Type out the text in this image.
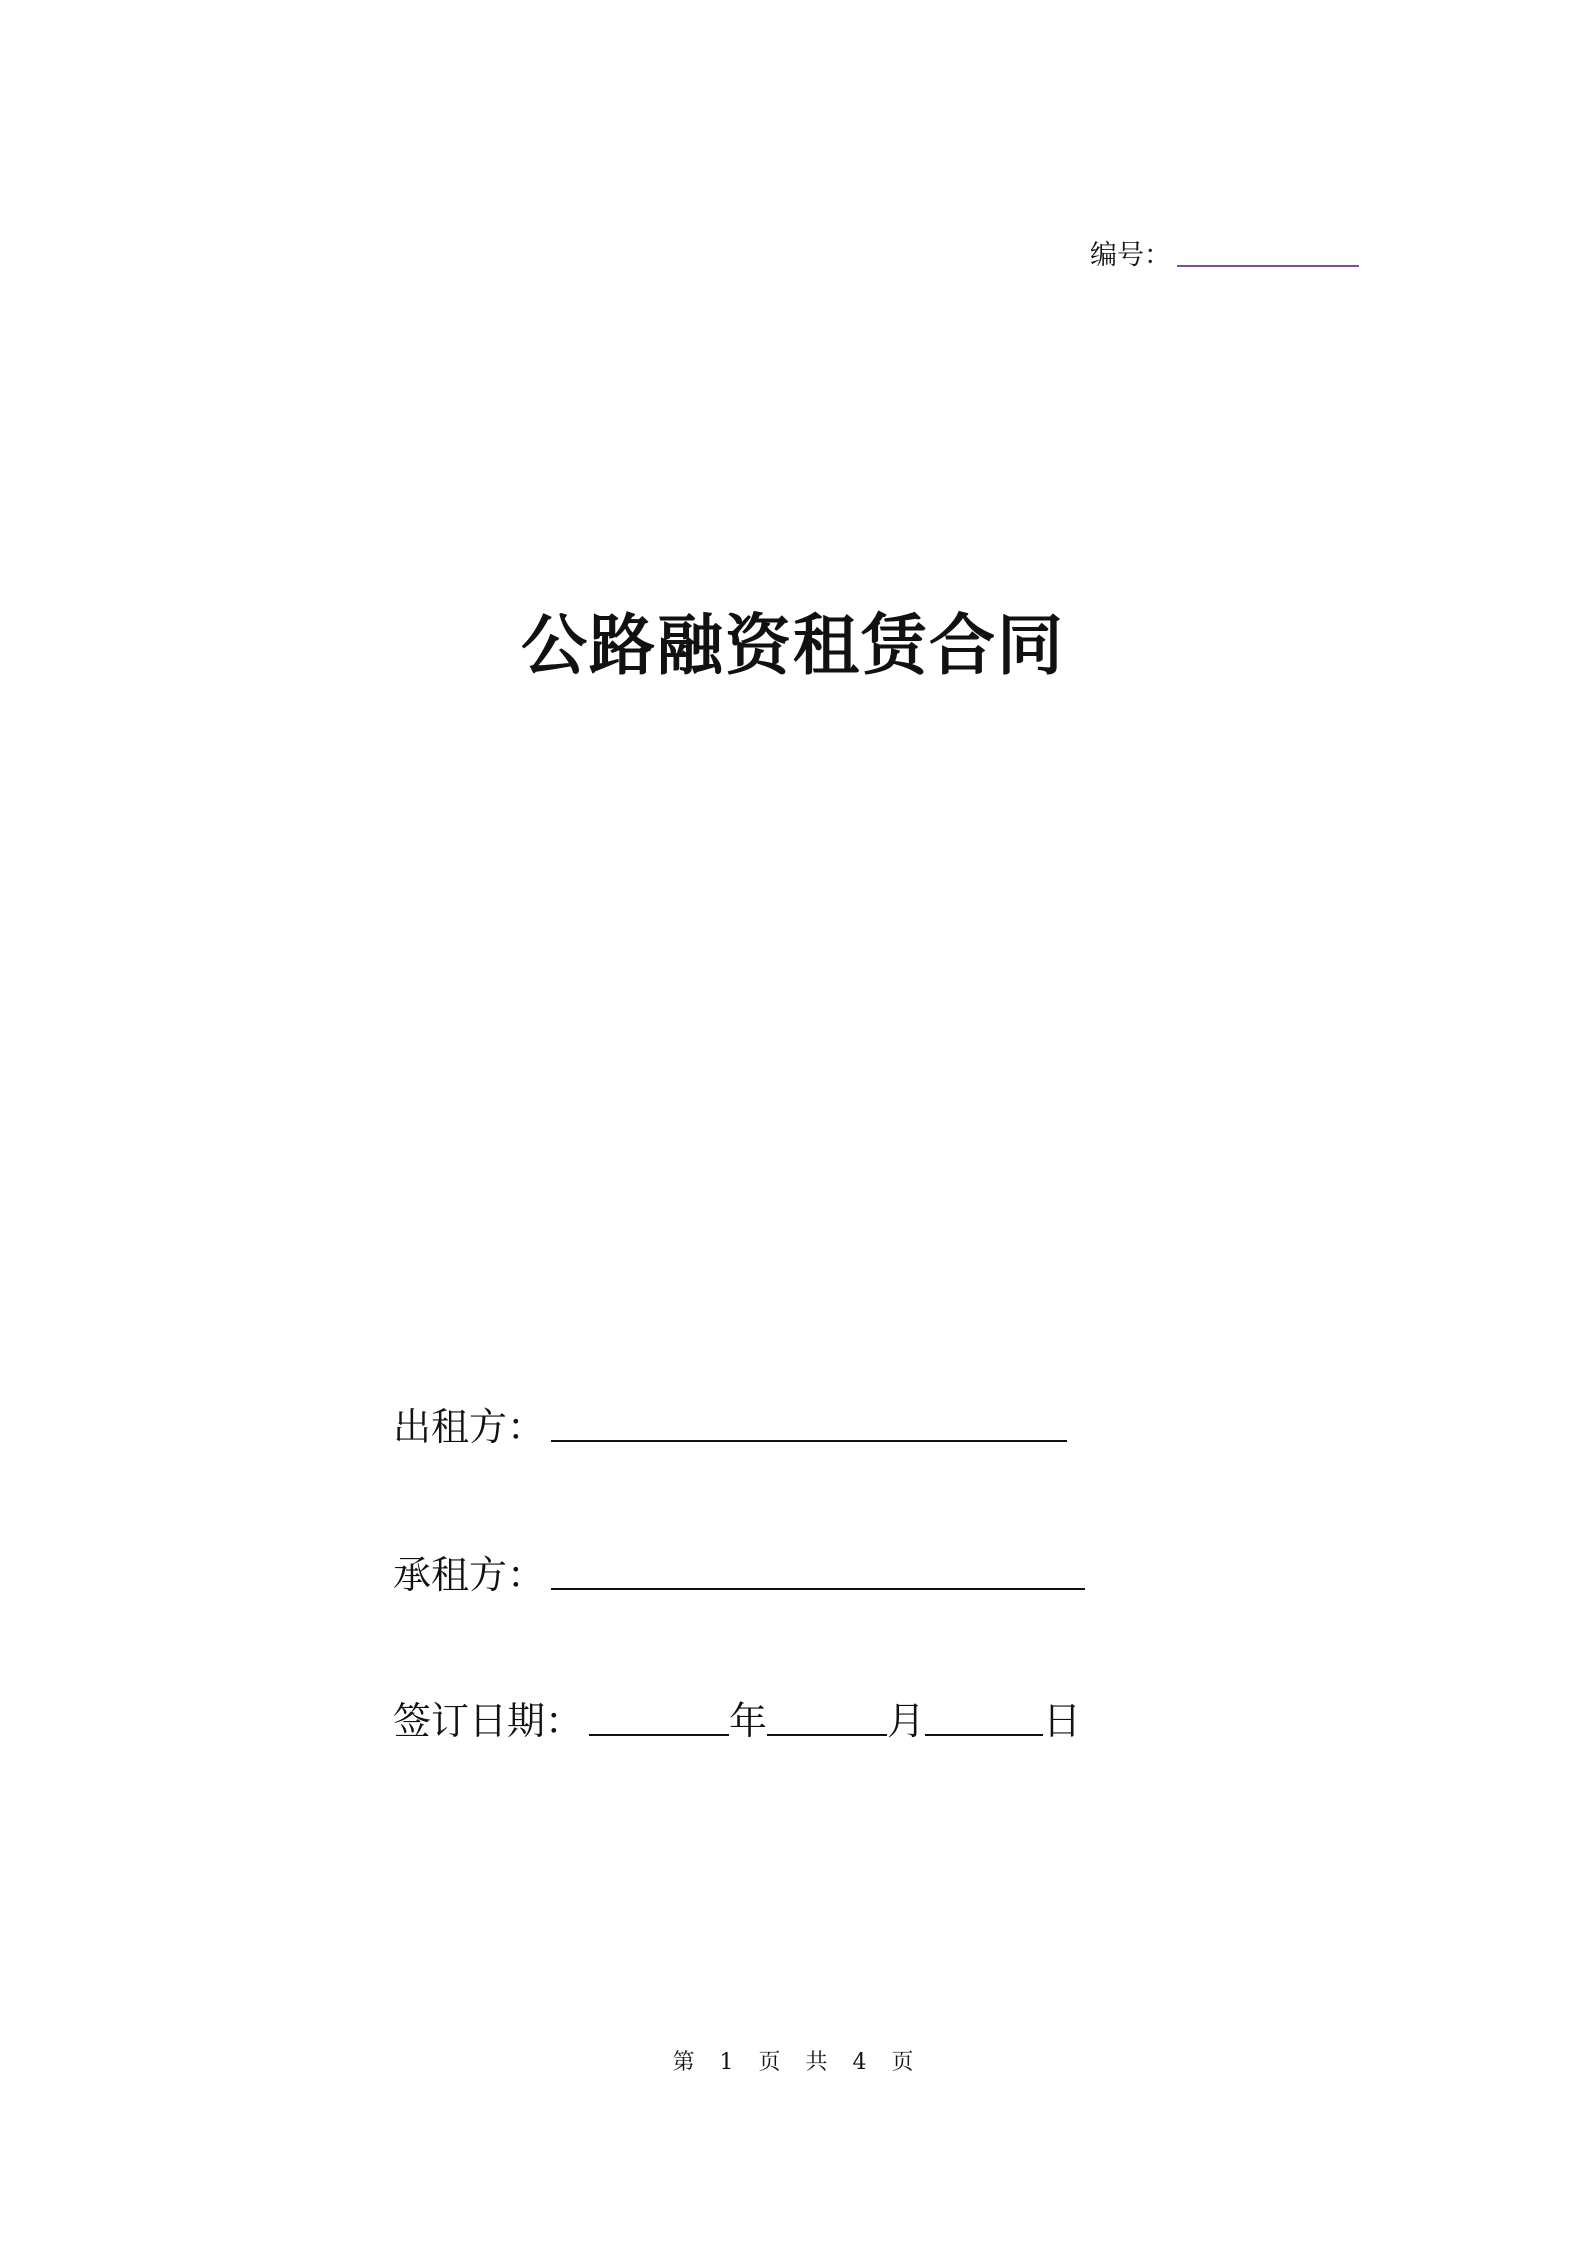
编号：
公路融资租赁合同
出租方：
承租方：
签订日期：	年	月	日
第 1 页 共 4 页
